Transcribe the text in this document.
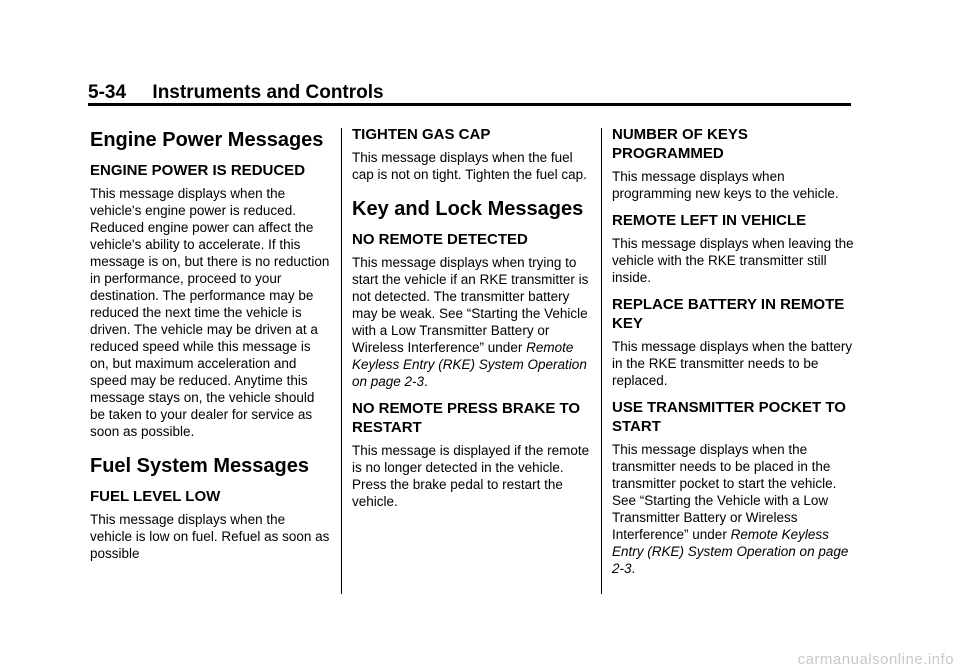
5-34     Instruments and Controls
Engine Power Messages
ENGINE POWER IS REDUCED

This message displays when the vehicle's engine power is reduced. Reduced engine power can affect the vehicle's ability to accelerate. If this message is on, but there is no reduction in performance, proceed to your destination. The performance may be reduced the next time the vehicle is driven. The vehicle may be driven at a reduced speed while this message is on, but maximum acceleration and speed may be reduced. Anytime this message stays on, the vehicle should be taken to your dealer for service as soon as possible.

Fuel System Messages
FUEL LEVEL LOW

This message displays when the vehicle is low on fuel. Refuel as soon as possible

TIGHTEN GAS CAP

This message displays when the fuel cap is not on tight. Tighten the fuel cap.

Key and Lock Messages
NO REMOTE DETECTED

This message displays when trying to start the vehicle if an RKE transmitter is not detected. The transmitter battery may be weak. See “Starting the Vehicle with a Low Transmitter Battery or Wireless Interference” under Remote Keyless Entry (RKE) System Operation on page 2-3.

NO REMOTE PRESS BRAKE TO RESTART

This message is displayed if the remote is no longer detected in the vehicle. Press the brake pedal to restart the vehicle.

NUMBER OF KEYS PROGRAMMED

This message displays when programming new keys to the vehicle.

REMOTE LEFT IN VEHICLE

This message displays when leaving the vehicle with the RKE transmitter still inside.

REPLACE BATTERY IN REMOTE KEY

This message displays when the battery in the RKE transmitter needs to be replaced.

USE TRANSMITTER POCKET TO START

This message displays when the transmitter needs to be placed in the transmitter pocket to start the vehicle. See “Starting the Vehicle with a Low Transmitter Battery or Wireless Interference” under Remote Keyless Entry (RKE) System Operation on page 2-3.

carmanualsonline.info
